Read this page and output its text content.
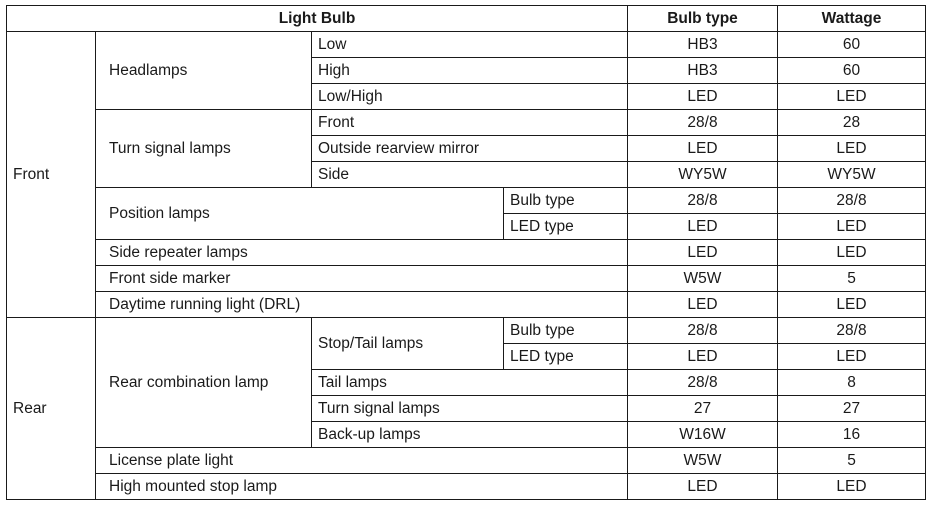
Light Bulb				Bulb type	Wattage
Front	Headlamps	Low		HB3	60
		High		HB3	60
		Low/High		LED	LED
	Turn signal lamps	Front		28/8	28
		Outside rearview mirror		LED	LED
		Side		WY5W	WY5W
	Position lamps		Bulb type	28/8	28/8
			LED type	LED	LED
	Side repeater lamps			LED	LED
	Front side marker			W5W	5
	Daytime running light (DRL)			LED	LED
Rear	Rear combination lamp	Stop/Tail lamps	Bulb type	28/8	28/8
			LED type	LED	LED
		Tail lamps		28/8	8
		Turn signal lamps		27	27
		Back-up lamps		W16W	16
	License plate light			W5W	5
	High mounted stop lamp			LED	LED
